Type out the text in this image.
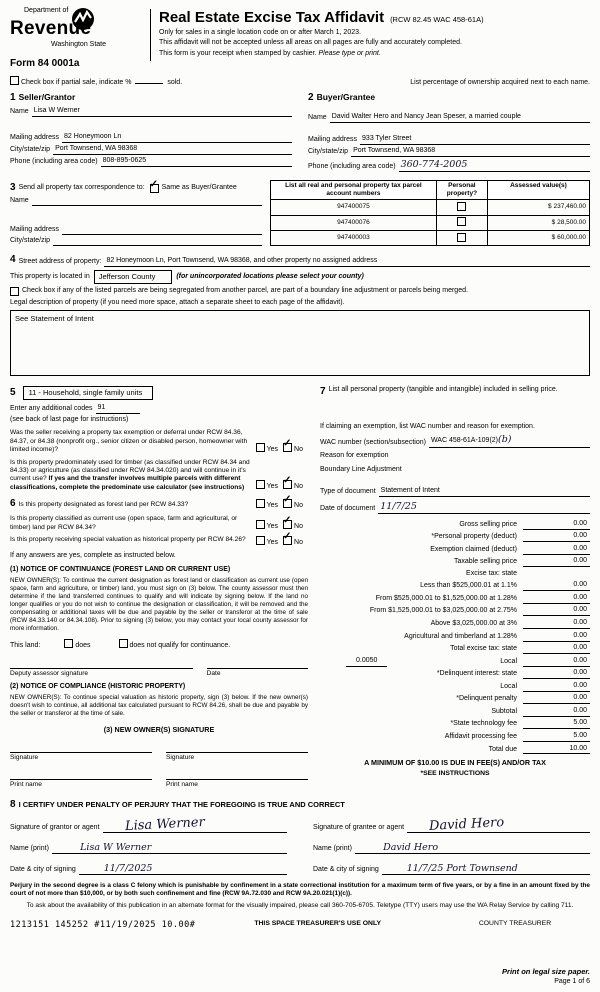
Department of
Revenue
Washington State
Form 84 0001a
Real Estate Excise Tax Affidavit (RCW 82.45 WAC 458-61A)
Only for sales in a single location code on or after March 1, 2023.
This affidavit will not be accepted unless all areas on all pages are fully and accurately completed.
This form is your receipt when stamped by cashier. Please type or print.
Check box if partial sale, indicate %	sold.	List percentage of ownership acquired next to each name.
1 Seller/Grantor
Name Lisa W Werner
Mailing address 82 Honeymoon Ln
City/state/zip Port Townsend, WA 98368
Phone (including area code) 808-895-0625
2 Buyer/Grantee
Name David Walter Hero and Nancy Jean Speser, a married couple
Mailing address 933 Tyler Street
City/state/zip Port Townsend, WA 98368
Phone (including area code) 360-774-2005
3 Send all property tax correspondence to: ✓ Same as Buyer/Grantee
Name
Mailing address
City/state/zip
List all real and personal property tax parcel account numbers	Personal property?	Assessed value(s)
947400075		$ 237,460.00
947400076		$ 28,500.00
947400003		$ 60,000.00
4 Street address of property: 82 Honeymoon Ln, Port Townsend, WA 98368, and other property no assigned address
This property is located in	Jefferson County	(for unincorporated locations please select your county)
Check box if any of the listed parcels are being segregated from another parcel, are part of a boundary line adjustment or parcels being merged.
Legal description of property (if you need more space, attach a separate sheet to each page of the affidavit).
See Statement of Intent
5	11 - Household, single family units
Enter any additional codes 91
(see back of last page for instructions)
Was the seller receiving a property tax exemption or deferral under RCW 84.36, 84.37, or 84.38 (nonprofit org., senior citizen or disabled person, homeowner with limited income)?	Yes
✓
No
Is this property predominately used for timber (as classified under RCW 84.34 and 84.33) or agriculture (as classified under RCW 84.34.020) and will continue in it's current use? If yes and the transfer involves multiple parcels with different classifications, complete the predominate use calculator (see instructions)	Yes
✓
No
6 Is this property designated as forest land per RCW 84.33?	Yes
✓
No
Is this property classified as current use (open space, farm and agricultural, or timber) land per RCW 84.34?	Yes
✓
No
Is this property receiving special valuation as historical property per RCW 84.26?	Yes
✓
No
If any answers are yes, complete as instructed below.
(1) NOTICE OF CONTINUANCE (FOREST LAND OR CURRENT USE)
NEW OWNER(S): To continue the current designation as forest land or classification as current use (open space, farm and agriculture, or timber) land, you must sign on (3) below. The county assessor must then determine if the land transferred continues to qualify and will indicate by signing below. If the land no longer qualifies or you do not wish to continue the designation or classification, it will be removed and the compensating or additional taxes will be due and payable by the seller or transferor at the time of sale (RCW 84.33.140 or 84.34.108). Prior to signing (3) below, you may contact your local county assessor for more information.
This land:	does	does not qualify for continuance.
Deputy assessor signature	Date
(2) NOTICE OF COMPLIANCE (HISTORIC PROPERTY)
NEW OWNER(S): To continue special valuation as historic property, sign (3) below. If the new owner(s) doesn't wish to continue, all additional tax calculated pursuant to RCW 84.26, shall be due and payable by the seller or transferor at the time of sale.
(3) NEW OWNER(S) SIGNATURE
Signature	Signature
Print name	Print name
7 List all personal property (tangible and intangible) included in selling price.
If claiming an exemption, list WAC number and reason for exemption.
WAC number (section/subsection) WAC 458-61A-109(2)(b)
Reason for exemption
Boundary Line Adjustment
Type of document Statement of Intent
Date of document 11/7/25
Gross selling price	0.00
*Personal property (deduct)	0.00
Exemption claimed (deduct)	0.00
Taxable selling price	0.00
Excise tax: state
Less than $525,000.01 at 1.1%	0.00
From $525,000.01 to $1,525,000.00 at 1.28%	0.00
From $1,525,000.01 to $3,025,000.00 at 2.75%	0.00
Above $3,025,000.00 at 3%	0.00
Agricultural and timberland at 1.28%	0.00
Total excise tax: state	0.00
0.0050	Local	0.00
*Delinquent interest: state	0.00
Local	0.00
*Delinquent penalty	0.00
Subtotal	0.00
*State technology fee	5.00
Affidavit processing fee	5.00
Total due	10.00
A MINIMUM OF $10.00 IS DUE IN FEE(S) AND/OR TAX
*SEE INSTRUCTIONS
8 I CERTIFY UNDER PENALTY OF PERJURY THAT THE FOREGOING IS TRUE AND CORRECT
Signature of grantor or agent Lisa Werner
Name (print)	Lisa W Werner
Date & city of signing	11/7/2025
Signature of grantee or agent David Hero
Name (print)	David Hero
Date & city of signing	11/7/25 Port Townsend
Perjury in the second degree is a class C felony which is punishable by confinement in a state correctional institution for a maximum term of five years, or by a fine in an amount fixed by the court of not more than $10,000, or by both such confinement and fine (RCW 9A.72.030 and RCW 9A.20.021(1)(c)).
To ask about the availability of this publication in an alternate format for the visually impaired, please call 360-705-6705. Teletype (TTY) users may use the WA Relay Service by calling 711.
1213151 145252 #11/19/2025 10.00#	THIS SPACE TREASURER'S USE ONLY	COUNTY TREASURER
Print on legal size paper.
Page 1 of 6
